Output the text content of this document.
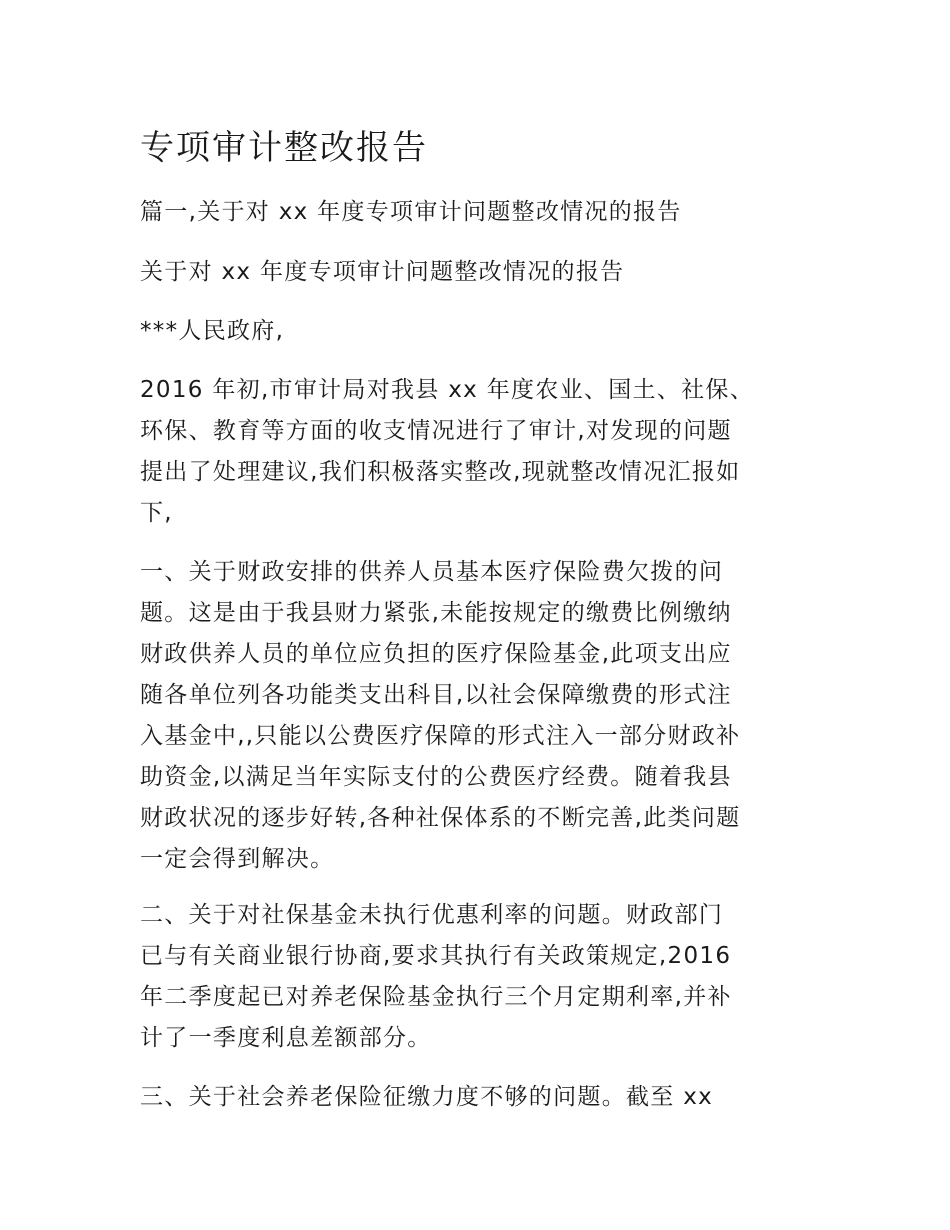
专项审计整改报告

篇一,关于对 xx 年度专项审计问题整改情况的报告

关于对 xx 年度专项审计问题整改情况的报告

***人民政府,

2016 年初,市审计局对我县 xx 年度农业、国土、社保、
环保、教育等方面的收支情况进行了审计,对发现的问题
提出了处理建议,我们积极落实整改,现就整改情况汇报如
下,

一、关于财政安排的供养人员基本医疗保险费欠拨的问
题。这是由于我县财力紧张,未能按规定的缴费比例缴纳
财政供养人员的单位应负担的医疗保险基金,此项支出应
随各单位列各功能类支出科目,以社会保障缴费的形式注
入基金中,,只能以公费医疗保障的形式注入一部分财政补
助资金,以满足当年实际支付的公费医疗经费。随着我县
财政状况的逐步好转,各种社保体系的不断完善,此类问题
一定会得到解决。

二、关于对社保基金未执行优惠利率的问题。财政部门
已与有关商业银行协商,要求其执行有关政策规定,2016
年二季度起已对养老保险基金执行三个月定期利率,并补
计了一季度利息差额部分。

三、关于社会养老保险征缴力度不够的问题。截至 xx
